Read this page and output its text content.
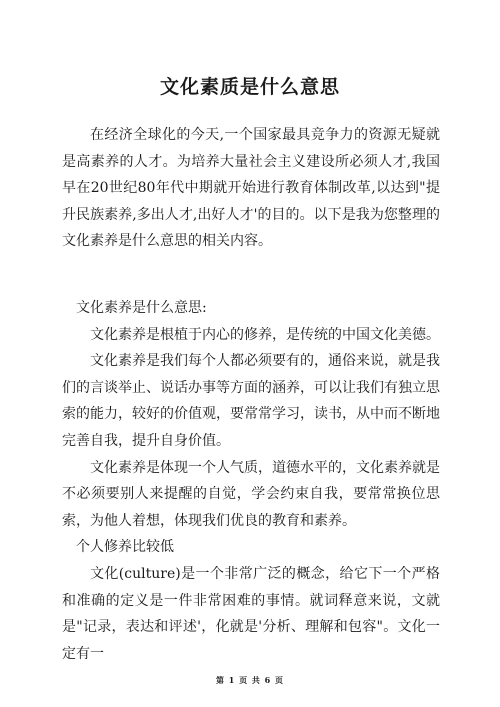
文化素质是什么意思

在经济全球化的今天,一个国家最具竞争力的资源无疑就是高素养的人才。为培养大量社会主义建设所必须人才,我国早在20世纪80年代中期就开始进行教育体制改革,以达到"提升民族素养,多出人才,出好人才'的目的。以下是我为您整理的文化素养是什么意思的相关内容。

文化素养是什么意思:

文化素养是根植于内心的修养，是传统的中国文化美德。

文化素养是我们每个人都必须要有的，通俗来说，就是我们的言谈举止、说话办事等方面的涵养，可以让我们有独立思索的能力，较好的价值观，要常常学习，读书，从中而不断地完善自我，提升自身价值。

文化素养是体现一个人气质，道德水平的，文化素养就是不必须要别人来提醒的自觉，学会约束自我，要常常换位思索，为他人着想，体现我们优良的教育和素养。

个人修养比较低

文化(culture)是一个非常广泛的概念，给它下一个严格和准确的定义是一件非常困难的事情。就词释意来说，文就是"记录，表达和评述'，化就是'分析、理解和包容"。文化一定有一

第 1 页 共 6 页
